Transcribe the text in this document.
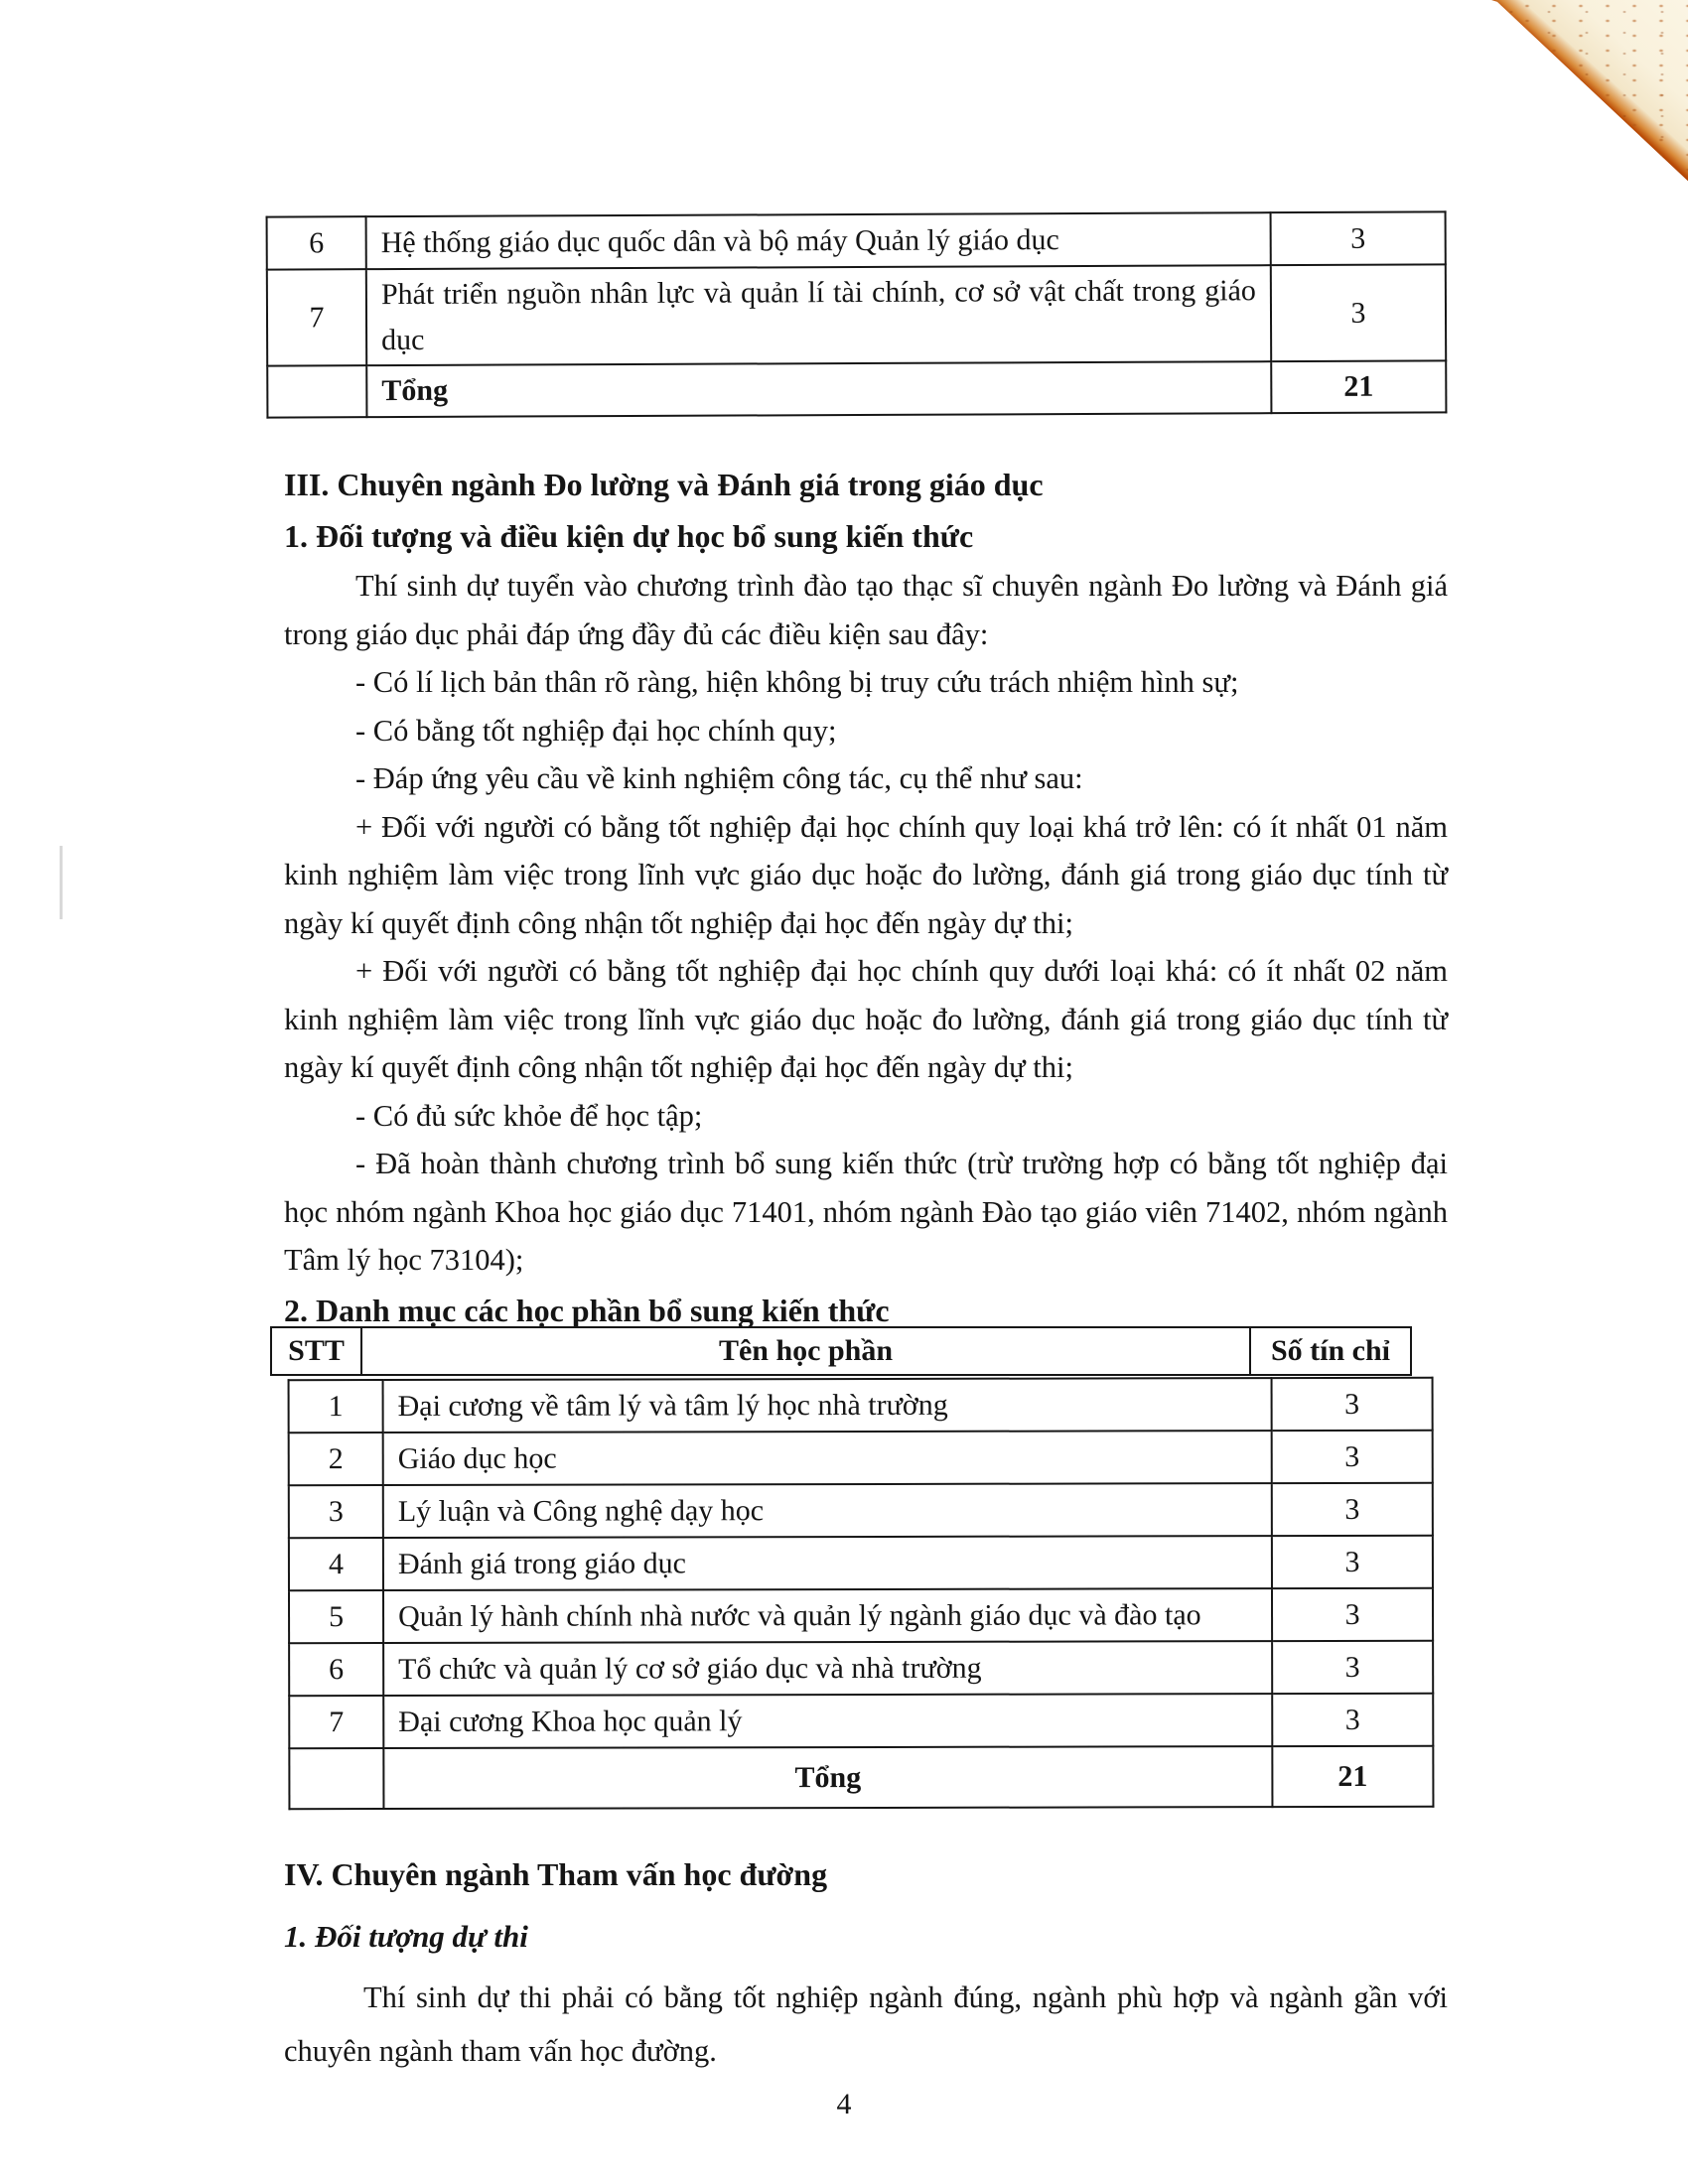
6	Hệ thống giáo dục quốc dân và bộ máy Quản lý giáo dục	3
7	Phát triển nguồn nhân lực và quản lí tài chính, cơ sở vật chất trong giáo dục	3
	Tổng	21
III. Chuyên ngành Đo lường và Đánh giá trong giáo dục
1. Đối tượng và điều kiện dự học bổ sung kiến thức

Thí sinh dự tuyển vào chương trình đào tạo thạc sĩ chuyên ngành Đo lường và Đánh giá trong giáo dục phải đáp ứng đầy đủ các điều kiện sau đây:

- Có lí lịch bản thân rõ ràng, hiện không bị truy cứu trách nhiệm hình sự;

- Có bằng tốt nghiệp đại học chính quy;

- Đáp ứng yêu cầu về kinh nghiệm công tác, cụ thể như sau:

+ Đối với người có bằng tốt nghiệp đại học chính quy loại khá trở lên: có ít nhất 01 năm kinh nghiệm làm việc trong lĩnh vực giáo dục hoặc đo lường, đánh giá trong giáo dục tính từ ngày kí quyết định công nhận tốt nghiệp đại học đến ngày dự thi;

+ Đối với người có bằng tốt nghiệp đại học chính quy dưới loại khá: có ít nhất 02 năm kinh nghiệm làm việc trong lĩnh vực giáo dục hoặc đo lường, đánh giá trong giáo dục tính từ ngày kí quyết định công nhận tốt nghiệp đại học đến ngày dự thi;

- Có đủ sức khỏe để học tập;

- Đã hoàn thành chương trình bổ sung kiến thức (trừ trường hợp có bằng tốt nghiệp đại học nhóm ngành Khoa học giáo dục 71401, nhóm ngành Đào tạo giáo viên 71402, nhóm ngành Tâm lý học 73104);

2. Danh mục các học phần bổ sung kiến thức
STT	Tên học phần	Số tín chỉ
1	Đại cương về tâm lý và tâm lý học nhà trường	3
2	Giáo dục học	3
3	Lý luận và Công nghệ dạy học	3
4	Đánh giá trong giáo dục	3
5	Quản lý hành chính nhà nước và quản lý ngành giáo dục và đào tạo	3
6	Tổ chức và quản lý cơ sở giáo dục và nhà trường	3
7	Đại cương Khoa học quản lý	3
	Tổng	21
IV. Chuyên ngành Tham vấn học đường
1. Đối tượng dự thi

Thí sinh dự thi phải có bằng tốt nghiệp ngành đúng, ngành phù hợp và ngành gần với chuyên ngành tham vấn học đường.

4
